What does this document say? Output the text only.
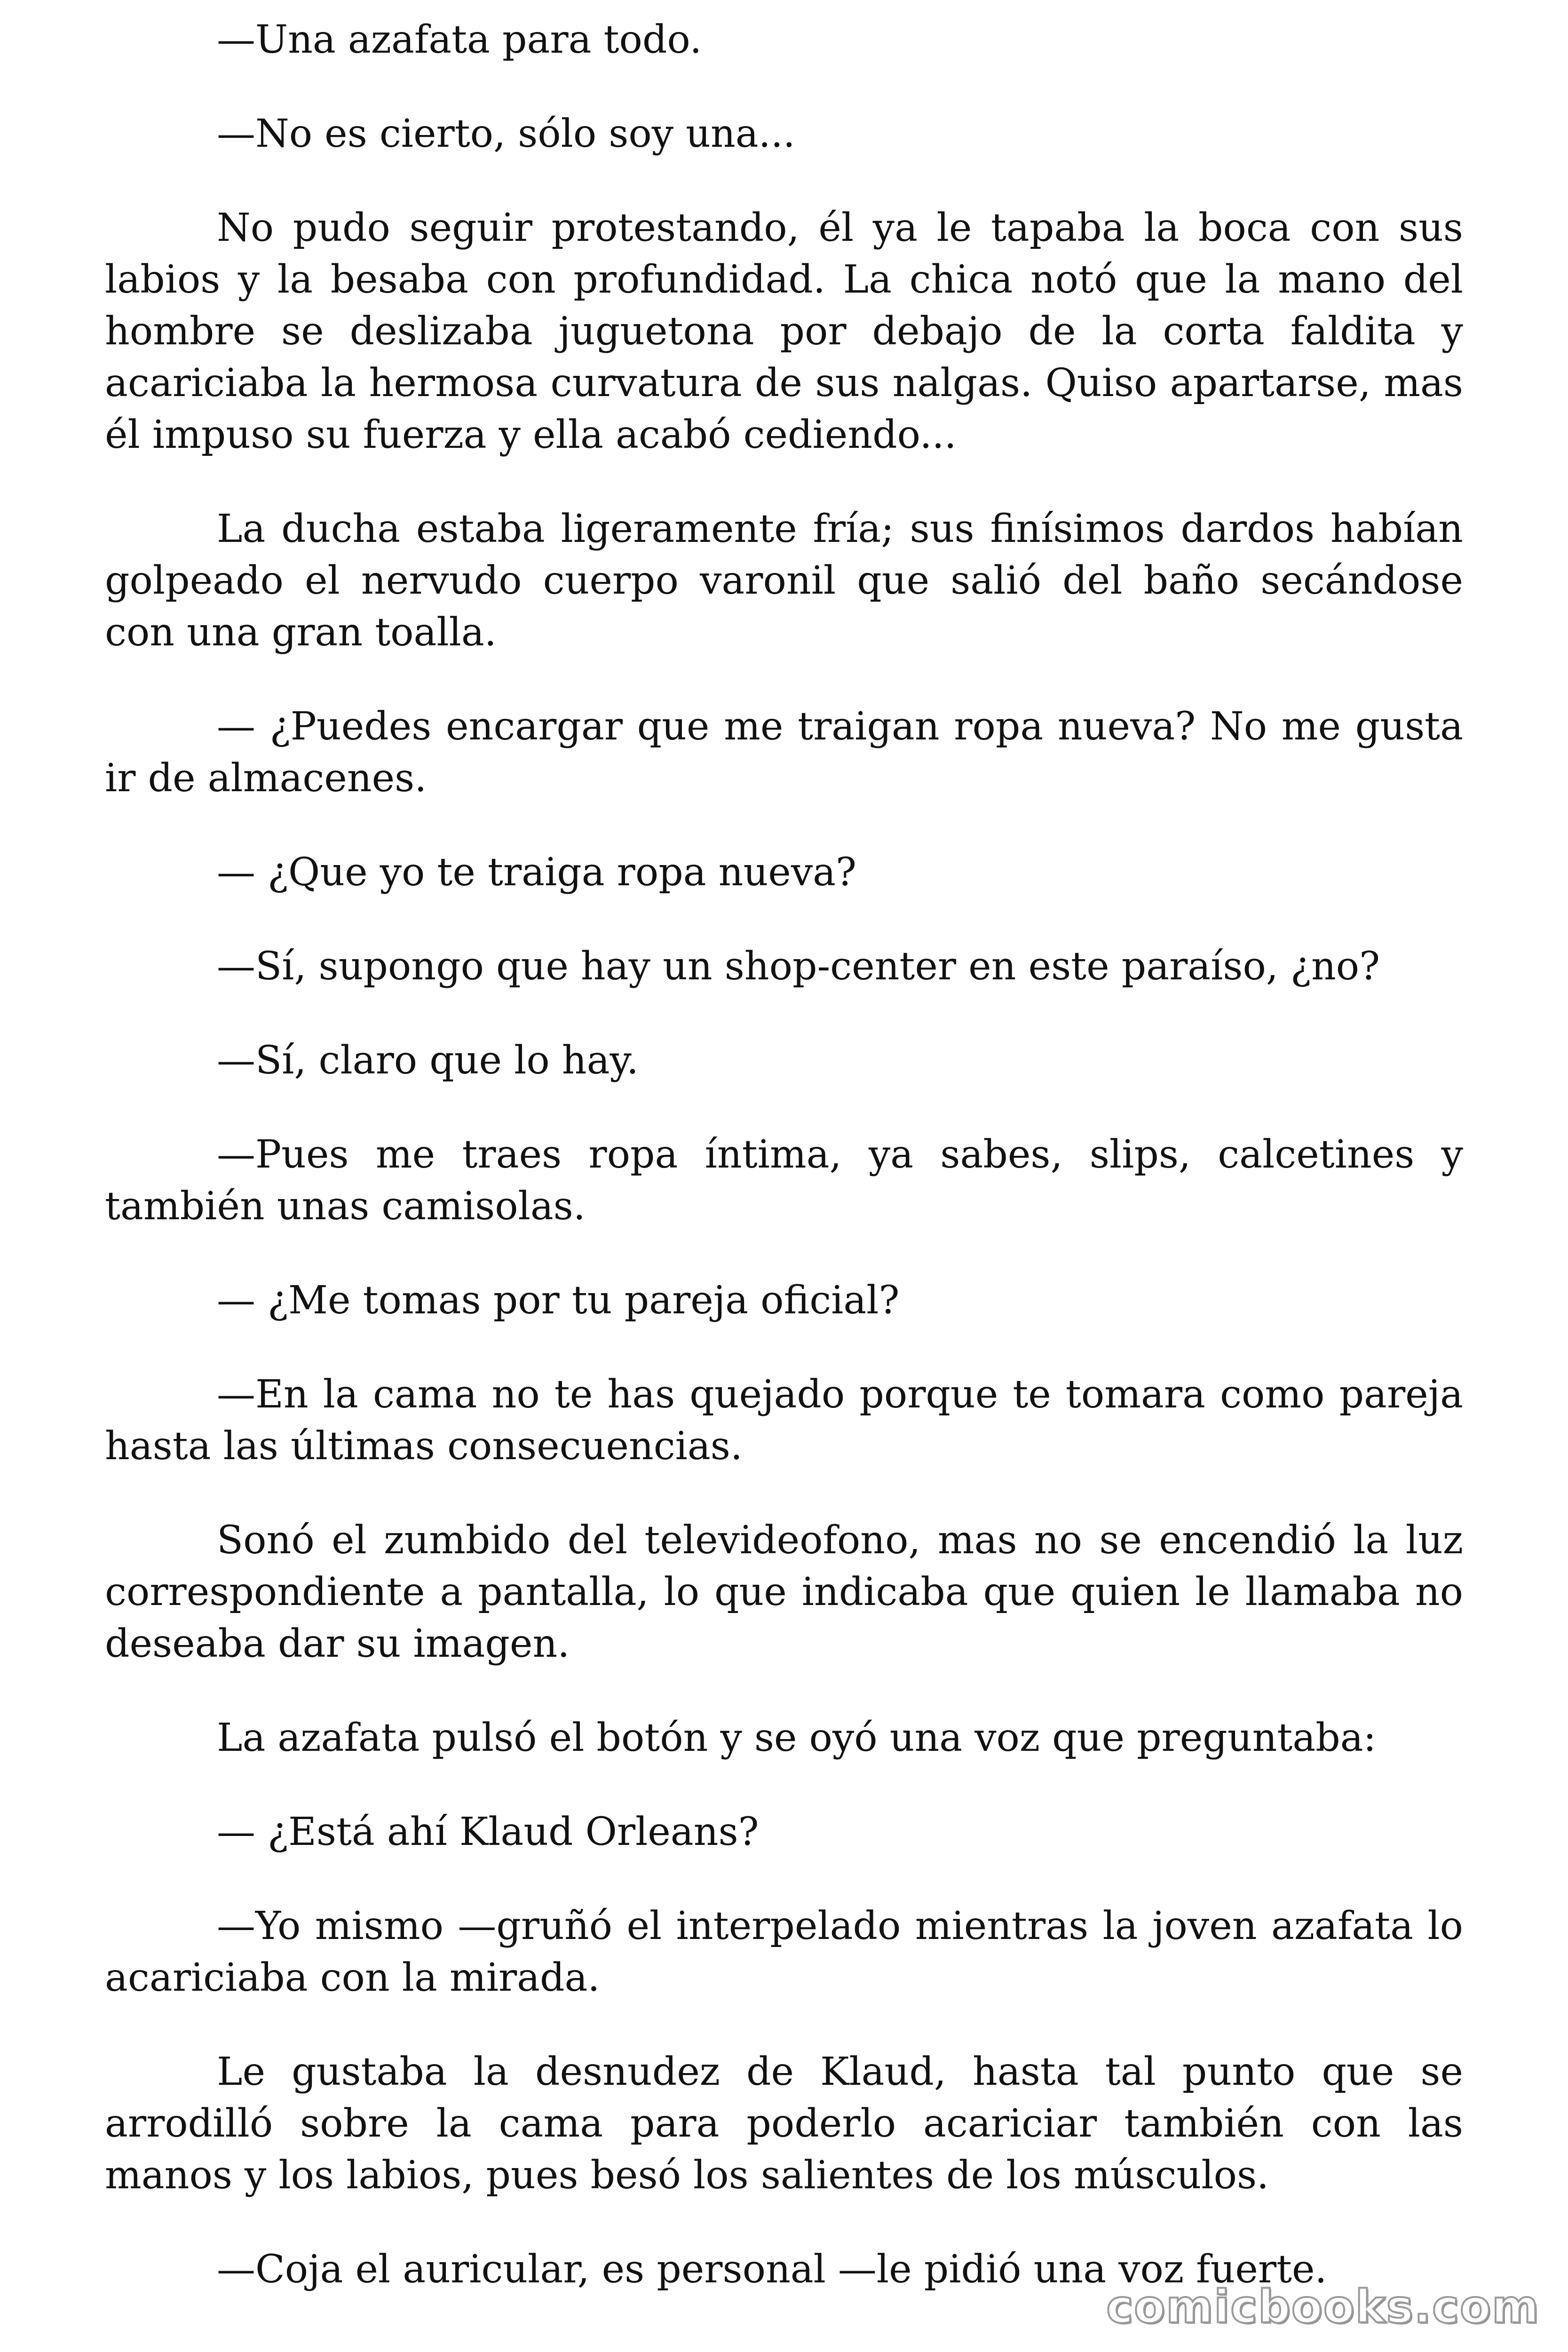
—Una azafata para todo.

—No es cierto, sólo soy una...

No pudo seguir protestando, él ya le tapaba la boca con sus labios y la besaba con profundidad. La chica notó que la mano del hombre se deslizaba juguetona por debajo de la corta faldita y acariciaba la hermosa curvatura de sus nalgas. Quiso apartarse, mas él impuso su fuerza y ella acabó cediendo...

La ducha estaba ligeramente fría; sus finísimos dardos habían golpeado el nervudo cuerpo varonil que salió del baño secándose con una gran toalla.

— ¿Puedes encargar que me traigan ropa nueva? No me gusta ir de almacenes.

— ¿Que yo te traiga ropa nueva?

—Sí, supongo que hay un shop-center en este paraíso, ¿no?

—Sí, claro que lo hay.

—Pues me traes ropa íntima, ya sabes, slips, calcetines y también unas camisolas.

— ¿Me tomas por tu pareja oficial?

—En la cama no te has quejado porque te tomara como pareja hasta las últimas consecuencias.

Sonó el zumbido del televideofono, mas no se encendió la luz correspondiente a pantalla, lo que indicaba que quien le llamaba no deseaba dar su imagen.

La azafata pulsó el botón y se oyó una voz que preguntaba:

— ¿Está ahí Klaud Orleans?

—Yo mismo —gruñó el interpelado mientras la joven azafata lo acariciaba con la mirada.

Le gustaba la desnudez de Klaud, hasta tal punto que se arrodilló sobre la cama para poderlo acariciar también con las manos y los labios, pues besó los salientes de los músculos.

—Coja el auricular, es personal —le pidió una voz fuerte.

comicbooks.com
